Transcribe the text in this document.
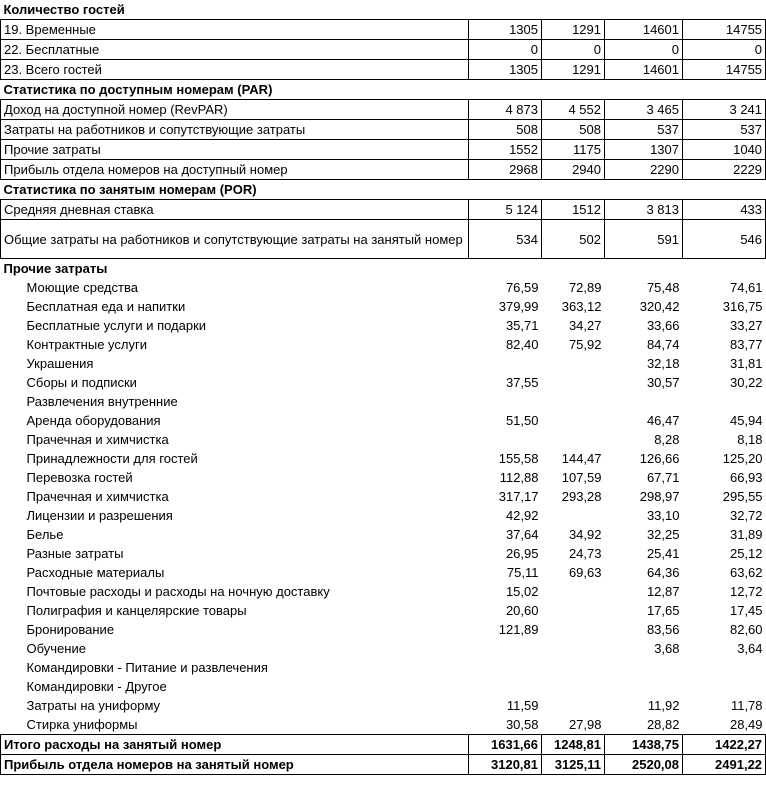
Количество гостей				
19. Временные	1305	1291	14601	14755
22. Бесплатные	0	0	0	0
23. Всего гостей	1305	1291	14601	14755
Статистика по доступным номерам (PAR)				
Доход на доступной номер (RevPAR)	4 873	4 552	3 465	3 241
Затраты на работников и сопутствующие затраты	508	508	537	537
Прочие затраты	1552	1175	1307	1040
Прибыль отдела номеров на доступный номер	2968	2940	2290	2229
Статистика по занятым номерам (POR)				
Средняя дневная ставка	5 124	1512	3 813	433
Общие затраты на работников и сопутствующие затраты на занятый номер	534	502	591	546
Прочие затраты				
Моющие средства	76,59	72,89	75,48	74,61
Бесплатная еда и напитки	379,99	363,12	320,42	316,75
Бесплатные услуги и подарки	35,71	34,27	33,66	33,27
Контрактные услуги	82,40	75,92	84,74	83,77
Украшения			32,18	31,81
Сборы и подписки	37,55		30,57	30,22
Развлечения внутренние				
Аренда оборудования	51,50		46,47	45,94
Прачечная и химчистка			8,28	8,18
Принадлежности для гостей	155,58	144,47	126,66	125,20
Перевозка гостей	112,88	107,59	67,71	66,93
Прачечная и химчистка	317,17	293,28	298,97	295,55
Лицензии и разрешения	42,92		33,10	32,72
Белье	37,64	34,92	32,25	31,89
Разные затраты	26,95	24,73	25,41	25,12
Расходные материалы	75,11	69,63	64,36	63,62
Почтовые расходы и расходы на ночную доставку	15,02		12,87	12,72
Полиграфия и канцелярские товары	20,60		17,65	17,45
Бронирование	121,89		83,56	82,60
Обучение			3,68	3,64
Командировки - Питание и развлечения				
Командировки - Другое				
Затраты на униформу	11,59		11,92	11,78
Стирка униформы	30,58	27,98	28,82	28,49
Итого расходы на занятый номер	1631,66	1248,81	1438,75	1422,27
Прибыль отдела номеров на занятый номер	3120,81	3125,11	2520,08	2491,22
